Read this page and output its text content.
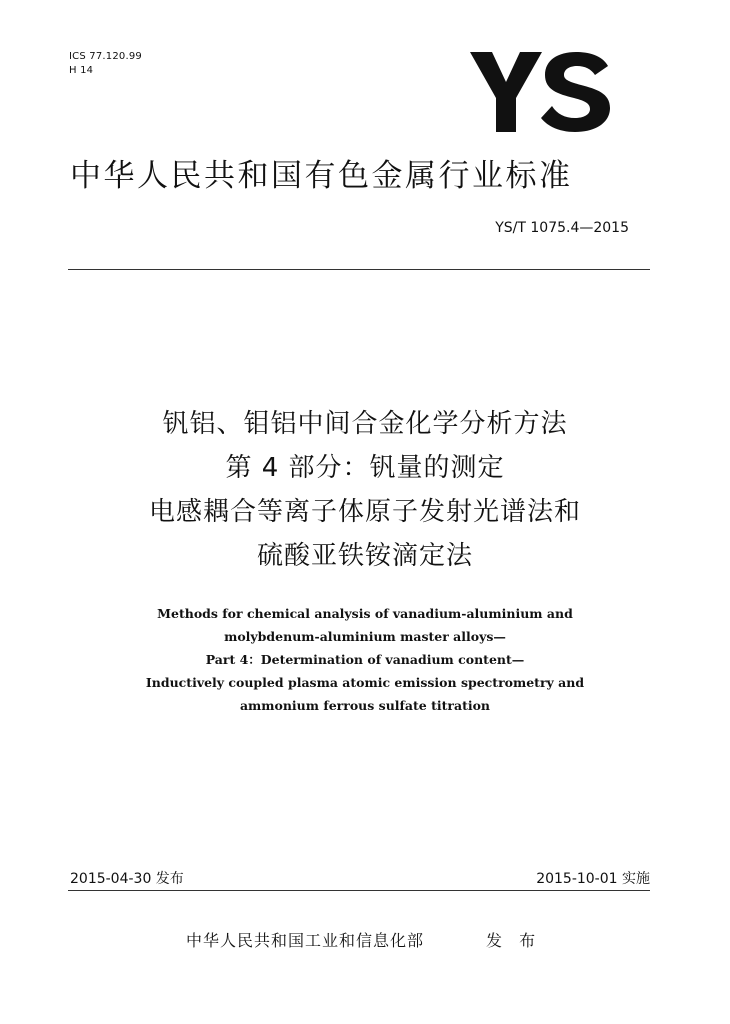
ICS 77.120.99
H 14
中华人民共和国有色金属行业标准
YS/T 1075.4—2015
钒铝、钼铝中间合金化学分析方法
第 4 部分：钒量的测定
电感耦合等离子体原子发射光谱法和
硫酸亚铁铵滴定法
Methods for chemical analysis of vanadium-aluminium and
molybdenum-aluminium master alloys—
Part 4：Determination of vanadium content—
Inductively coupled plasma atomic emission spectrometry and
ammonium ferrous sulfate titration
2015-04-30 发布	2015-10-01 实施
中华人民共和国工业和信息化部	发 布
